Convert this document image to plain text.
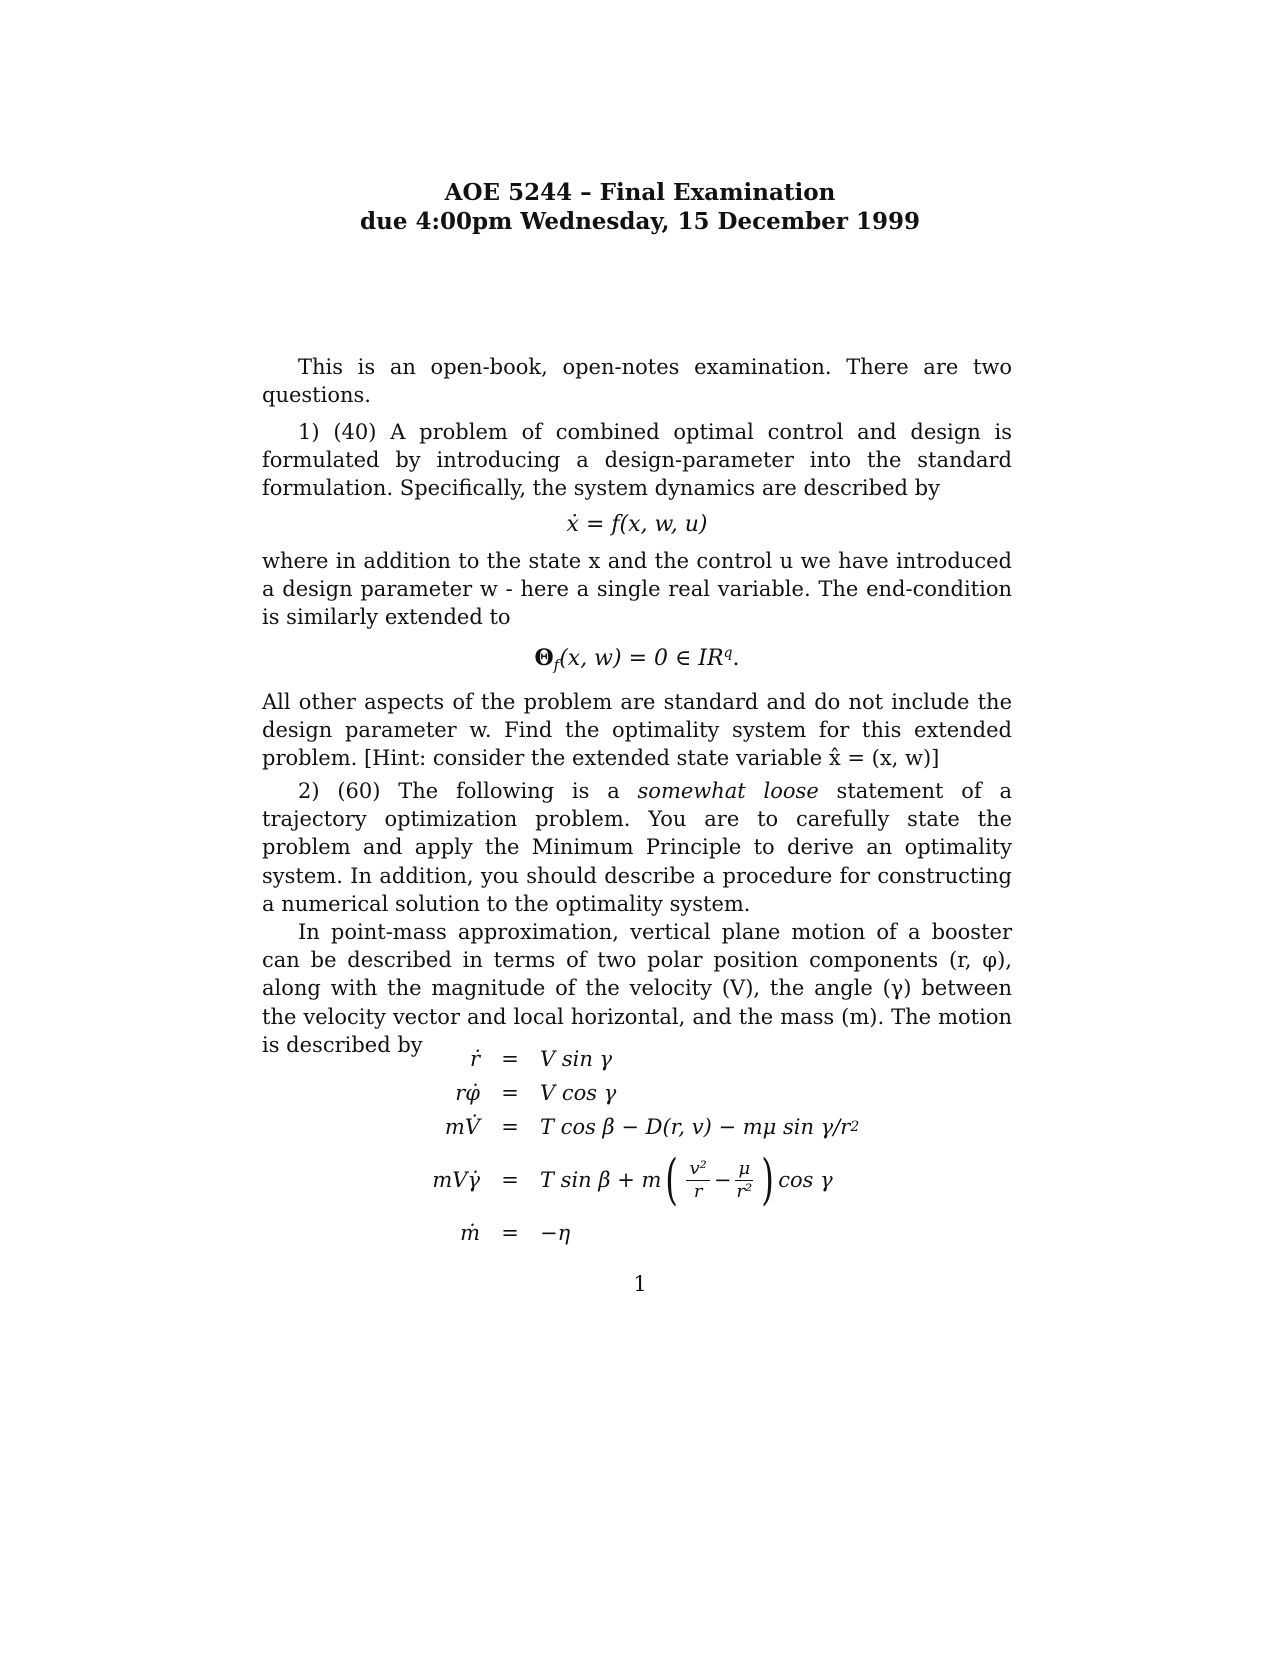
AOE 5244 – Final Examination
due 4:00pm Wednesday, 15 December 1999

This is an open-book, open-notes examination. There are two questions.

1) (40) A problem of combined optimal control and design is formulated by introducing a design-parameter into the standard formulation. Specifically, the system dynamics are described by

ẋ = f(x, w, u)

where in addition to the state x and the control u we have introduced a design parameter w - here a single real variable. The end-condition is similarly extended to

$\Theta_f(x$, w) = 0 ∈ $IR^q$.

All other aspects of the problem are standard and do not include the design parameter w. Find the optimality system for this extended problem. [Hint: consider the extended state variable x̂ = (x, w)]

2) (60) The following is a somewhat loose statement of a trajectory optimization problem. You are to carefully state the problem and apply the Minimum Principle to derive an optimality system. In addition, you should describe a procedure for constructing a numerical solution to the optimality system.

In point-mass approximation, vertical plane motion of a booster can be described in terms of two polar position components (r, φ), along with the magnitude of the velocity (V), the angle (γ) between the velocity vector and local horizontal, and the mass (m). The motion is described by

ṙ	=	V sin γ
rφ̇	=	V cos γ
mV̇	=	T cos β − D(r, v) − mμ sin γ/r 2
mVγ̇	=	T sin β + m ( $\frac{\text{v²}}{r} - \frac{\mu}{\text{r²}}$ ) cos γ
ṁ	=	−η
1
